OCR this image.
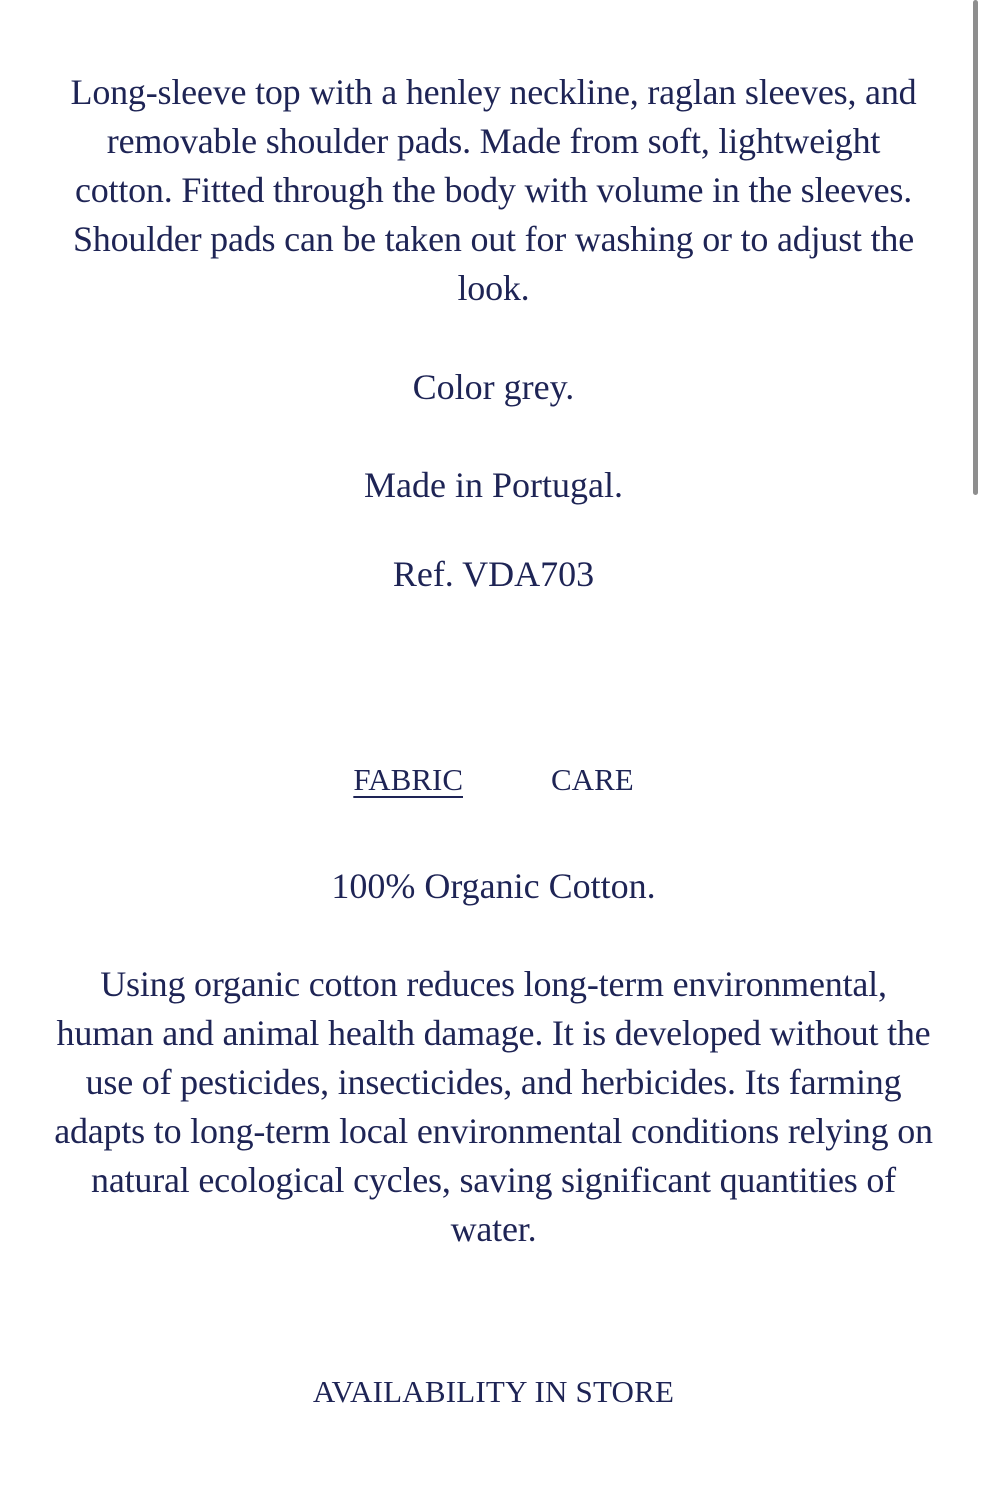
Long-sleeve top with a henley neckline, raglan sleeves, and removable shoulder pads. Made from soft, lightweight cotton. Fitted through the body with volume in the sleeves. Shoulder pads can be taken out for washing or to adjust the look.

Color grey.

Made in Portugal.

Ref. VDA703

FABRIC	CARE

100% Organic Cotton.

Using organic cotton reduces long-term environmental, human and animal health damage. It is developed without the use of pesticides, insecticides, and herbicides. Its farming adapts to long-term local environmental conditions relying on natural ecological cycles, saving significant quantities of water.

AVAILABILITY IN STORE
